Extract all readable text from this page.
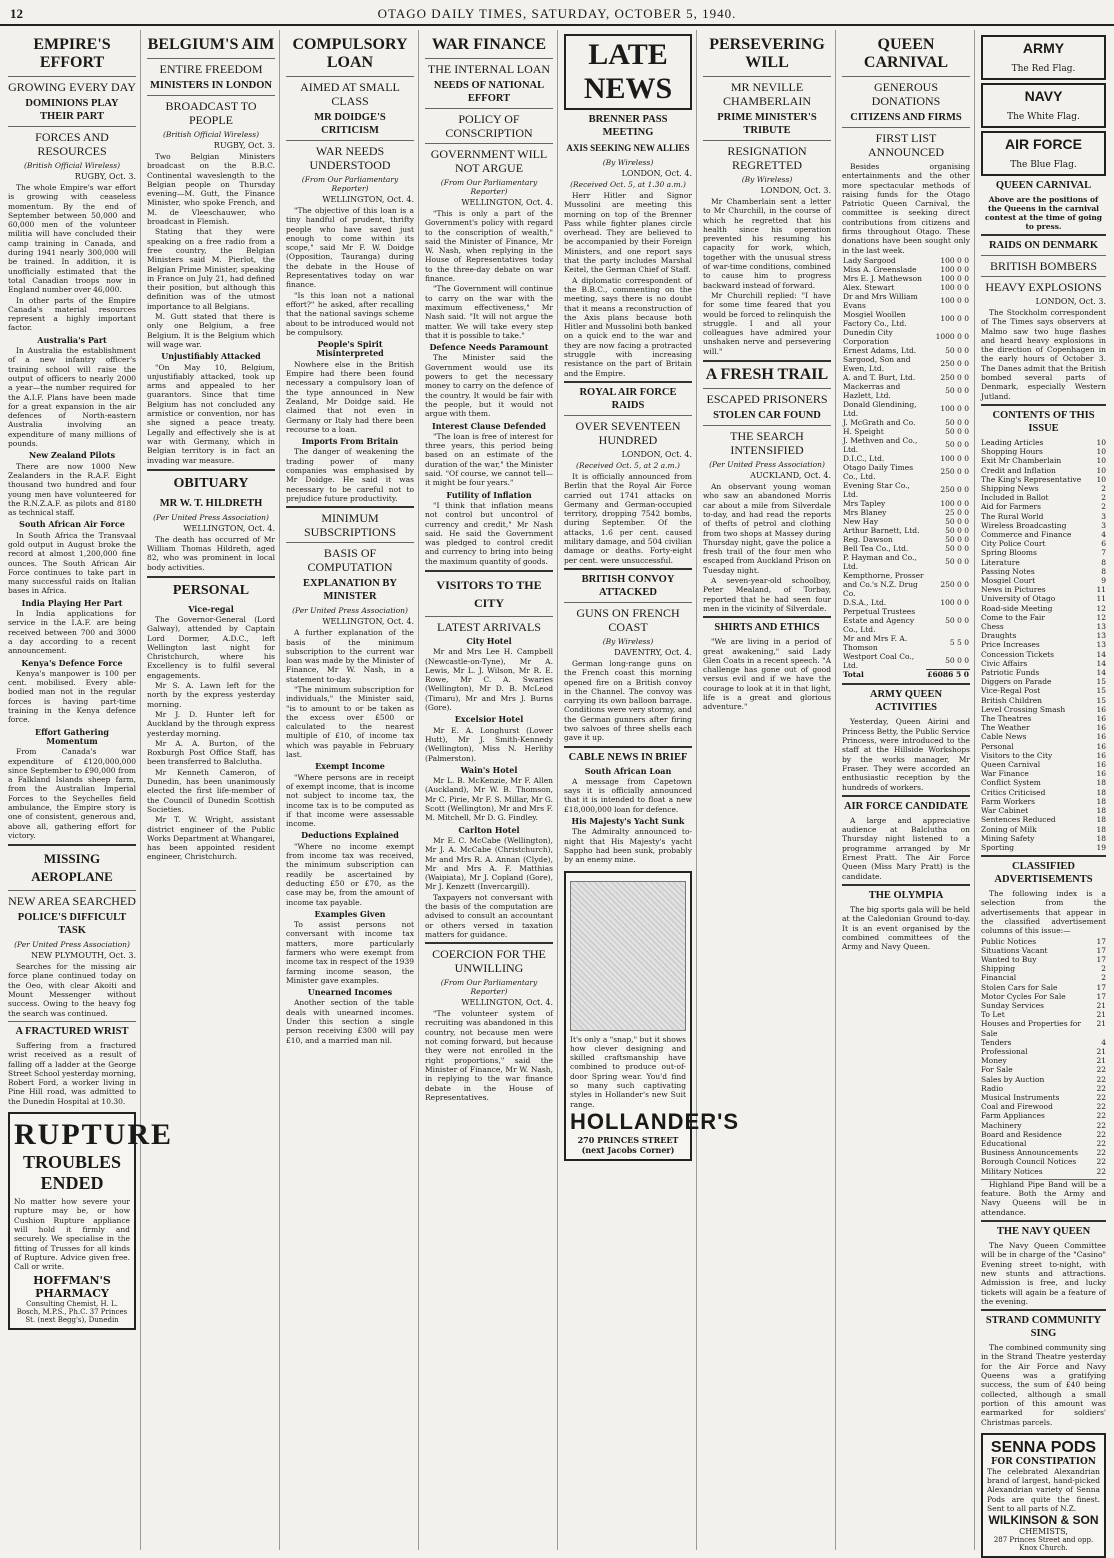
12	OTAGO DAILY TIMES, SATURDAY, OCTOBER 5, 1940.
EMPIRE'S EFFORT
GROWING EVERY DAY
DOMINIONS PLAY THEIR PART
FORCES AND RESOURCES
(British Official Wireless)
RUGBY, Oct. 3.

The whole Empire's war effort is growing with ceaseless momentum. By the end of September between 50,000 and 60,000 men of the volunteer militia will have concluded their camp training in Canada, and during 1941 nearly 300,000 will be trained. In addition, it is unofficially estimated that the total Canadian troops now in England number over 46,000.

In other parts of the Empire Canada's material resources represent a highly important factor.

Australia's Part

In Australia the establishment of a new infantry officer's training school will raise the output of officers to nearly 2000 a year—the number required for the A.I.F. Plans have been made for a great expansion in the air defences of North-eastern Australia involving an expenditure of many millions of pounds.

New Zealand Pilots

There are now 1000 New Zealanders in the R.A.F. Eight thousand two hundred and four young men have volunteered for the R.N.Z.A.F. as pilots and 8180 as technical staff.

South African Air Force

In South Africa the Transvaal gold output in August broke the record at almost 1,200,000 fine ounces. The South African Air Force continues to take part in many successful raids on Italian bases in Africa.

India Playing Her Part

In India applications for service in the I.A.F. are being received between 700 and 3000 a day according to a recent announcement.

Kenya's Defence Force

Kenya's manpower is 100 per cent. mobilised. Every able-bodied man not in the regular forces is having part-time training in the Kenya defence force.

Effort Gathering Momentum

From Canada's war expenditure of £120,000,000 since September to £90,000 from a Falkland Islands sheep farm, from the Australian Imperial Forces to the Seychelles field ambulance, the Empire story is one of consistent, generous and, above all, gathering effort for victory.

MISSING AEROPLANE
NEW AREA SEARCHED
POLICE'S DIFFICULT TASK
(Per United Press Association)
NEW PLYMOUTH, Oct. 3.

Searches for the missing air force plane continued today on the Oeo, with clear Akoiti and Mount Messenger without success. Owing to the heavy fog the search was continued.

A FRACTURED WRIST

Suffering from a fractured wrist received as a result of falling off a ladder at the George Street School yesterday morning, Robert Ford, a worker living in Pine Hill road, was admitted to the Dunedin Hospital at 10.30.

RUPTURE
TROUBLES ENDED
No matter how severe your rupture may be, or how Cushion Rupture appliance will hold it firmly and securely. We specialise in the fitting of Trusses for all kinds of Rupture. Advice given free. Call or write.
HOFFMAN'S PHARMACY
Consulting Chemist, H. L. Bosch, M.P.S., Ph.C. 37 Princes St. (next Begg's), Dunedin
BELGIUM'S AIM
ENTIRE FREEDOM
MINISTERS IN LONDON
BROADCAST TO PEOPLE
(British Official Wireless)
RUGBY, Oct. 3.

Two Belgian Ministers broadcast on the B.B.C. Continental waveslength to the Belgian people on Thursday evening—M. Gutt, the Finance Minister, who spoke French, and M. de Vleeschauwer, who broadcast in Flemish.

Stating that they were speaking on a free radio from a free country, the Belgian Ministers said M. Pierlot, the Belgian Prime Minister, speaking in France on July 21, had defined their position, but although this definition was of the utmost importance to all Belgians.

M. Gutt stated that there is only one Belgium, a free Belgium. It is the Belgium which will wage war.

Unjustifiably Attacked

"On May 10, Belgium, unjustifiably attacked, took up arms and appealed to her guarantors. Since that time Belgium has not concluded any armistice or convention, nor has she signed a peace treaty. Legally and effectively she is at war with Germany, which in Belgian territory is in fact an invading war measure.

OBITUARY
MR W. T. HILDRETH
(Per United Press Association)
WELLINGTON, Oct. 4.

The death has occurred of Mr William Thomas Hildreth, aged 82, who was prominent in local body activities.

PERSONAL
Vice-regal

The Governor-General (Lord Galway), attended by Captain Lord Dormer, A.D.C., left Wellington last night for Christchurch, where his Excellency is to fulfil several engagements.

Mr S. A. Lawn left for the north by the express yesterday morning.

Mr J. D. Hunter left for Auckland by the through express yesterday morning.

Mr A. A. Burton, of the Roxburgh Post Office Staff, has been transferred to Balclutha.

Mr Kenneth Cameron, of Dunedin, has been unanimously elected the first life-member of the Council of Dunedin Scottish Societies.

Mr T. W. Wright, assistant district engineer of the Public Works Department at Whangarei, has been appointed resident engineer, Christchurch.

COMPULSORY LOAN
AIMED AT SMALL CLASS
MR DOIDGE'S CRITICISM
WAR NEEDS UNDERSTOOD
(From Our Parliamentary Reporter)
WELLINGTON, Oct. 4.

"The objective of this loan is a tiny handful of prudent, thrifty people who have saved just enough to come within its scope," said Mr F. W. Doidge (Opposition, Tauranga) during the debate in the House of Representatives today on war finance.

"Is this loan not a national effort?" he asked, after recalling that the national savings scheme about to be introduced would not be compulsory.

People's Spirit Misinterpreted

Nowhere else in the British Empire had there been found necessary a compulsory loan of the type announced in New Zealand, Mr Doidge said. He claimed that not even in Germany or Italy had there been recourse to a loan.

Imports From Britain

The danger of weakening the trading power of many companies was emphasised by Mr Doidge. He said it was necessary to be careful not to prejudice future productivity.

MINIMUM SUBSCRIPTIONS
BASIS OF COMPUTATION
EXPLANATION BY MINISTER
(Per United Press Association)
WELLINGTON, Oct. 4.

A further explanation of the basis of the minimum subscription to the current war loan was made by the Minister of Finance, Mr W. Nash, in a statement to-day.

"The minimum subscription for individuals," the Minister said, "is to amount to or be taken as the excess over £500 or calculated to the nearest multiple of £10, of income tax which was payable in February last.

Exempt Income

"Where persons are in receipt of exempt income, that is income not subject to income tax, the income tax is to be computed as if that income were assessable income.

Deductions Explained

"Where no income exempt from income tax was received, the minimum subscription can readily be ascertained by deducting £50 or £70, as the case may be, from the amount of income tax payable.

Examples Given

To assist persons not conversant with income tax matters, more particularly farmers who were exempt from income tax in respect of the 1939 farming income season, the Minister gave examples.

Unearned Incomes

Another section of the table deals with unearned incomes. Under this section a single person receiving £300 will pay £10, and a married man nil.

WAR FINANCE
THE INTERNAL LOAN
NEEDS OF NATIONAL EFFORT
POLICY OF CONSCRIPTION
GOVERNMENT WILL NOT ARGUE
(From Our Parliamentary Reporter)
WELLINGTON, Oct. 4.

"This is only a part of the Government's policy with regard to the conscription of wealth," said the Minister of Finance, Mr W. Nash, when replying in the House of Representatives today to the three-day debate on war finance.

"The Government will continue to carry on the war with the maximum effectiveness," Mr Nash said. "It will not argue the matter. We will take every step that it is possible to take."

Defence Needs Paramount

The Minister said the Government would use its powers to get the necessary money to carry on the defence of the country. It would be fair with the people, but it would not argue with them.

Interest Clause Defended

"The loan is free of interest for three years, this period being based on an estimate of the duration of the war," the Minister said. "Of course, we cannot tell—it might be four years."

Futility of Inflation

"I think that inflation means not control but uncontrol of currency and credit," Mr Nash said. He said the Government was pledged to control credit and currency to bring into being the maximum quantity of goods.

VISITORS TO THE CITY
LATEST ARRIVALS
City Hotel

Mr and Mrs Lee H. Campbell (Newcastle-on-Tyne), Mr A. Lewis, Mr L. J. Wilson, Mr R. E. Rowe, Mr C. A. Swaries (Wellington), Mr D. B. McLeod (Timaru), Mr and Mrs J. Burns (Gore).

Excelsior Hotel

Mr E. A. Longhurst (Lower Hutt), Mr J. Smith-Kennedy (Wellington), Miss N. Herlihy (Palmerston).

Wain's Hotel

Mr L. B. McKenzie, Mr F. Allen (Auckland), Mr W. B. Thomson, Mr C. Pirie, Mr F. S. Millar, Mr G. Scott (Wellington), Mr and Mrs F. M. Mitchell, Mr D. G. Findley.

Carlton Hotel

Mr E. C. McCabe (Wellington), Mr J. A. McCabe (Christchurch), Mr and Mrs R. A. Annan (Clyde), Mr and Mrs A. F. Matthias (Waipiata), Mr J. Copland (Gore), Mr J. Kenzett (Invercargill).

Taxpayers not conversant with the basis of the computation are advised to consult an accountant or others versed in taxation matters for guidance.

COERCION FOR THE UNWILLING
(From Our Parliamentary Reporter)
WELLINGTON, Oct. 4.

"The volunteer system of recruiting was abandoned in this country, not because men were not coming forward, but because they were not enrolled in the right proportions," said the Minister of Finance, Mr W. Nash, in replying to the war finance debate in the House of Representatives.

LATE NEWS
BRENNER PASS MEETING
AXIS SEEKING NEW ALLIES
(By Wireless)
LONDON, Oct. 4.
(Received Oct. 5, at 1.30 a.m.)

Herr Hitler and Signor Mussolini are meeting this morning on top of the Brenner Pass while fighter planes circle overhead. They are believed to be accompanied by their Foreign Ministers, and one report says that the party includes Marshal Keitel, the German Chief of Staff.

A diplomatic correspondent of the B.B.C., commenting on the meeting, says there is no doubt that it means a reconstruction of the Axis plans because both Hitler and Mussolini both banked on a quick end to the war and they are now facing a protracted struggle with increasing resistance on the part of Britain and the Empire.

ROYAL AIR FORCE RAIDS
OVER SEVENTEEN HUNDRED
LONDON, Oct. 4.
(Received Oct. 5, at 2 a.m.)

It is officially announced from Berlin that the Royal Air Force carried out 1741 attacks on Germany and German-occupied territory, dropping 7542 bombs, during September. Of the attacks, 1.6 per cent. caused military damage, and 504 civilian damage or deaths. Forty-eight per cent. were unsuccessful.

BRITISH CONVOY ATTACKED
GUNS ON FRENCH COAST
(By Wireless)
DAVENTRY, Oct. 4.

German long-range guns on the French coast this morning opened fire on a British convoy in the Channel. The convoy was carrying its own balloon barrage. Conditions were very stormy, and the German gunners after firing two salvoes of three shells each gave it up.

CABLE NEWS IN BRIEF
South African Loan

A message from Capetown says it is officially announced that it is intended to float a new £18,000,000 loan for defence.

His Majesty's Yacht Sunk

The Admiralty announced to-night that His Majesty's yacht Sappho had been sunk, probably by an enemy mine.

It's only a "snap," but it shows how clever designing and skilled craftsmanship have combined to produce out-of-door Spring wear. You'd find so many such captivating styles in Hollander's new Suit range.
HOLLANDER'S
270 PRINCES STREET (next Jacobs Corner)
PERSEVERING WILL
MR NEVILLE CHAMBERLAIN
PRIME MINISTER'S TRIBUTE
RESIGNATION REGRETTED
(By Wireless)
LONDON, Oct. 3.

Mr Chamberlain sent a letter to Mr Churchill, in the course of which he regretted that his health since his operation prevented his resuming his capacity for work, which, together with the unusual stress of war-time conditions, combined to cause him to progress backward instead of forward.

Mr Churchill replied: "I have for some time feared that you would be forced to relinquish the struggle. I and all your colleagues have admired your unshaken nerve and persevering will."

A FRESH TRAIL
ESCAPED PRISONERS
STOLEN CAR FOUND
THE SEARCH INTENSIFIED
(Per United Press Association)
AUCKLAND, Oct. 4.

An observant young woman who saw an abandoned Morris car about a mile from Silverdale to-day, and had read the reports of thefts of petrol and clothing from two shops at Massey during Thursday night, gave the police a fresh trail of the four men who escaped from Auckland Prison on Tuesday night.

A seven-year-old schoolboy, Peter Mealand, of Torbay, reported that he had seen four men in the vicinity of Silverdale.

SHIRTS AND ETHICS

"We are living in a period of great awakening," said Lady Glen Coats in a recent speech. "A challenge has gone out of good versus evil and if we have the courage to look at it in that light, life is a great and glorious adventure."

QUEEN CARNIVAL
GENEROUS DONATIONS
CITIZENS AND FIRMS
FIRST LIST ANNOUNCED

Besides organising entertainments and the other more spectacular methods of raising funds for the Otago Patriotic Queen Carnival, the committee is seeking direct contributions from citizens and firms throughout Otago. These donations have been sought only in the last week.

Lady Sargood	100 0 0
Miss A. Greenslade	100 0 0
Mrs E. J. Mathewson	100 0 0
Alex. Stewart	100 0 0
Dr and Mrs William Evans	100 0 0
Mosgiel Woollen Factory Co., Ltd.	100 0 0
Dunedin City Corporation	1000 0 0
Ernest Adams, Ltd.	50 0 0
Sargood, Son and Ewen, Ltd.	250 0 0
A. and T. Burt, Ltd.	250 0 0
Mackerras and Hazlett, Ltd.	50 0 0
Donald Glendining, Ltd.	100 0 0
J. McGrath and Co.	50 0 0
H. Speight	50 0 0
J. Methven and Co., Ltd.	50 0 0
D.I.C., Ltd.	100 0 0
Otago Daily Times Co., Ltd.	250 0 0
Evening Star Co., Ltd.	250 0 0
Mrs Tapley	100 0 0
Mrs Blaney	25 0 0
New Hay	50 0 0
Arthur Barnett, Ltd.	50 0 0
Reg. Dawson	50 0 0
Bell Tea Co., Ltd.	50 0 0
P. Hayman and Co., Ltd.	50 0 0
Kempthorne, Prosser and Co.'s N.Z. Drug Co.	250 0 0
D.S.A., Ltd.	100 0 0
Perpetual Trustees Estate and Agency Co., Ltd.	50 0 0
Mr and Mrs F. A. Thomson	5 5 0
Westport Coal Co., Ltd.	50 0 0
Total	£6086 5 0
ARMY QUEEN ACTIVITIES

Yesterday, Queen Airini and Princess Betty, the Public Service Princess, were introduced to the staff at the Hillside Workshops by the works manager, Mr Fraser. They were accorded an enthusiastic reception by the hundreds of workers.

AIR FORCE CANDIDATE

A large and appreciative audience at Balclutha on Thursday night listened to a programme arranged by Mr Ernest Pratt. The Air Force Queen (Miss Mary Pratt) is the candidate.

THE OLYMPIA

The big sports gala will be held at the Caledonian Ground to-day. It is an event organised by the combined committees of the Army and Navy Queen.

ARMY
The Red Flag.
NAVY
The White Flag.
AIR FORCE
The Blue Flag.
QUEEN CARNIVAL
Above are the positions of the Queens in the carnival contest at the time of going to press.
RAIDS ON DENMARK
BRITISH BOMBERS
HEAVY EXPLOSIONS
LONDON, Oct. 3.

The Stockholm correspondent of The Times says observers at Malmo saw two huge flashes and heard heavy explosions in the direction of Copenhagen in the early hours of October 3. The Danes admit that the British bombed several parts of Denmark, especially Western Jutland.

CONTENTS OF THIS ISSUE
Leading Articles	10
Shopping Hours	10
Exit Mr Chamberlain	10
Credit and Inflation	10
The King's Representative 10
Shipping News	2
Included in Ballot	2
Aid for Farmers	2
The Rural World	3
Wireless Broadcasting	3
Commerce and Finance	4
City Police Court	6
Spring Blooms	7
Literature	8
Passing Notes	8
Mosgiel Court	9
News in Pictures	11
University of Otago	11
Road-side Meeting	12
Come to the Fair	12
Chess	13
Draughts	13
Price Increases	13
Concession Tickets	14
Civic Affairs	14
Patriotic Funds	14
Diggers on Parade	15
Vice-Regal Post	15
British Children	15
Level Crossing Smash	16
The Theatres	16
The Weather	16
Cable News	16
Personal	16
Visitors to the City	16
Queen Carnival	16
War Finance	16
Conflict System	18
Critics Criticised	18
Farm Workers	18
War Cabinet	18
Sentences Reduced	18
Zoning of Milk	18
Mining Safety	18
Sporting	19
CLASSIFIED ADVERTISEMENTS

The following index is a selection from the advertisements that appear in the classified advertisement columns of this issue:—

Public Notices	17
Situations Vacant	17
Wanted to Buy	17
Shipping	2
Financial	2
Stolen Cars for Sale	17
Motor Cycles For Sale	17
Sunday Services	21
To Let	21
Houses and Properties for Sale
21
Tenders	4
Professional	21
Money	21
For Sale	22
Sales by Auction	22
Radio	22
Musical Instruments	22
Coal and Firewood	22
Farm Appliances	22
Machinery	22
Board and Residence	22
Educational	22
Business Announcements 22
Borough Council Notices	22
Military Notices	22

Highland Pipe Band will be a feature. Both the Army and Navy Queens will be in attendance.

THE NAVY QUEEN

The Navy Queen Committee will be in charge of the "Casino" Evening street to-night, with new stunts and attractions. Admission is free, and lucky tickets will again be a feature of the evening.

STRAND COMMUNITY SING

The combined community sing in the Strand Theatre yesterday for the Air Force and Navy Queens was a gratifying success, the sum of £40 being collected, although a small portion of this amount was earmarked for soldiers' Christmas parcels.

SENNA PODS
FOR CONSTIPATION
The celebrated Alexandrian brand of largest, hand-picked Alexandrian variety of Senna Pods are quite the finest. Sent to all parts of N.Z.
WILKINSON & SON
CHEMISTS,
287 Princes Street and opp. Knox Church.
